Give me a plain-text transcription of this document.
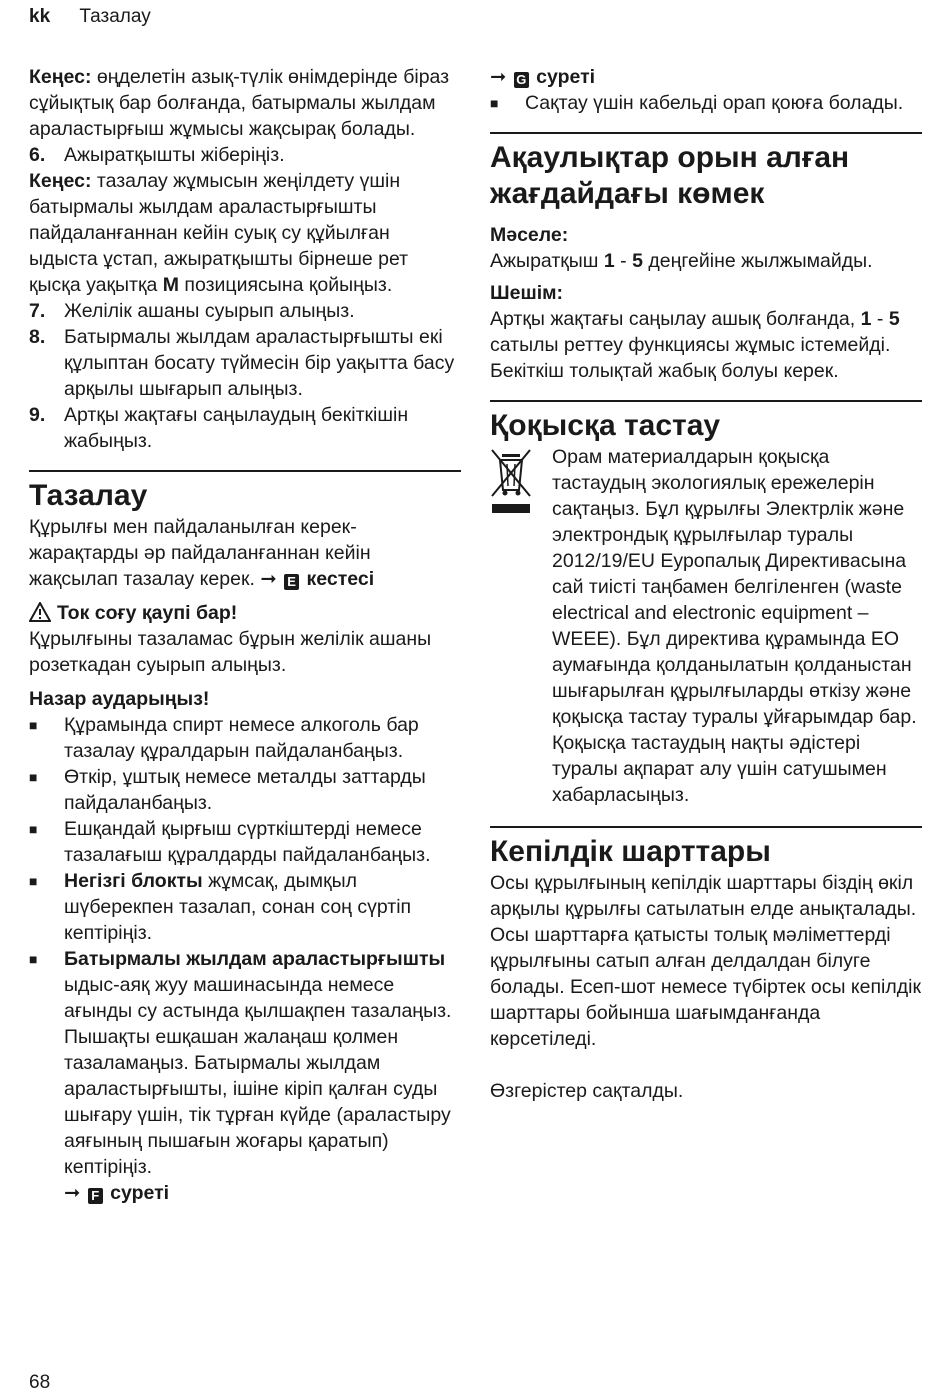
kk Тазалау

Кеңес: өңделетін азық-түлік өнімдерінде біраз сұйықтық бар болғанда, батырмалы жылдам араластырғыш жұмысы жақсырақ болады.

6. Ажыратқышты жіберіңіз.

Кеңес: тазалау жұмысын жеңілдету үшін батырмалы жылдам араластырғышты пайдаланғаннан кейін суық су құйылған ыдыста ұстап, ажыратқышты бірнеше рет қысқа уақытқа M позициясына қойыңыз.

7. Желілік ашаны суырып алыңыз.
8. Батырмалы жылдам араластырғышты екі құлыптан босату түймесін бір уақытта басу арқылы шығарып алыңыз.
9. Артқы жақтағы саңылаудың бекіткішін жабыңыз.
Тазалау

Құрылғы мен пайдаланылған керек-жарақтарды әр пайдаланғаннан кейін жақсылап тазалау керек. ➞ E кестесі

Ток соғу қаупі бар!

Құрылғыны тазаламас бұрын желілік ашаны розеткадан суырып алыңыз.

Назар аударыңыз!

■	Құрамында спирт немесе алкоголь бар тазалау құралдарын пайдаланбаңыз.
■	Өткір, ұштық немесе металды заттарды пайдаланбаңыз.
■	Ешқандай қырғыш сүрткіштерді немесе тазалағыш құралдарды пайдаланбаңыз.
■	Негізгі блокты жұмсақ, дымқыл шүберекпен тазалап, сонан соң сүртіп кептіріңіз.
■	Батырмалы жылдам араластырғышты ыдыс-аяқ жуу машинасында немесе ағынды су астында қылшақпен тазалаңыз. Пышақты ешқашан жалаңаш қолмен тазаламаңыз. Батырмалы жылдам араластырғышты, ішіне кіріп қалған суды шығару үшін, тік тұрған күйде (араластыру аяғының пышағын жоғары қаратып) кептіріңіз.
➞ F суреті

➞ G суреті

■	Сақтау үшін кабельді орап қоюға болады.
Ақаулықтар орын алған жағдайдағы көмек

Мәселе:

Ажыратқыш 1 - 5 деңгейіне жылжымайды.

Шешім:

Артқы жақтағы саңылау ашық болғанда, 1 - 5 сатылы реттеу функциясы жұмыс істемейді. Бекіткіш толықтай жабық болуы керек.

Қоқысқа тастау

Орам материалдарын қоқысқа тастаудың экологиялық ережелерін сақтаңыз. Бұл құрылғы Электрлік және электрондық құрылғылар туралы 2012/19/EU Еуропалық Директивасына сай тиісті таңбамен белгіленген (waste electrical and electronic equipment – WEEE). Бұл директива құрамында ЕО аумағында қолданылатын қолданыстан шығарылған құрылғыларды өткізу және қоқысқа тастау туралы ұйғарымдар бар. Қоқысқа тастаудың нақты әдістері туралы ақпарат алу үшін сатушымен хабарласыңыз.

Кепілдік шарттары

Осы құрылғының кепілдік шарттары біздің өкіл арқылы құрылғы сатылатын елде анықталады. Осы шарттарға қатысты толық мәліметтерді құрылғыны сатып алған делдалдан білуге болады. Есеп-шот немесе түбіртек осы кепілдік шарттары бойынша шағымданғанда көрсетіледі.

Өзгерістер сақталды.

68
